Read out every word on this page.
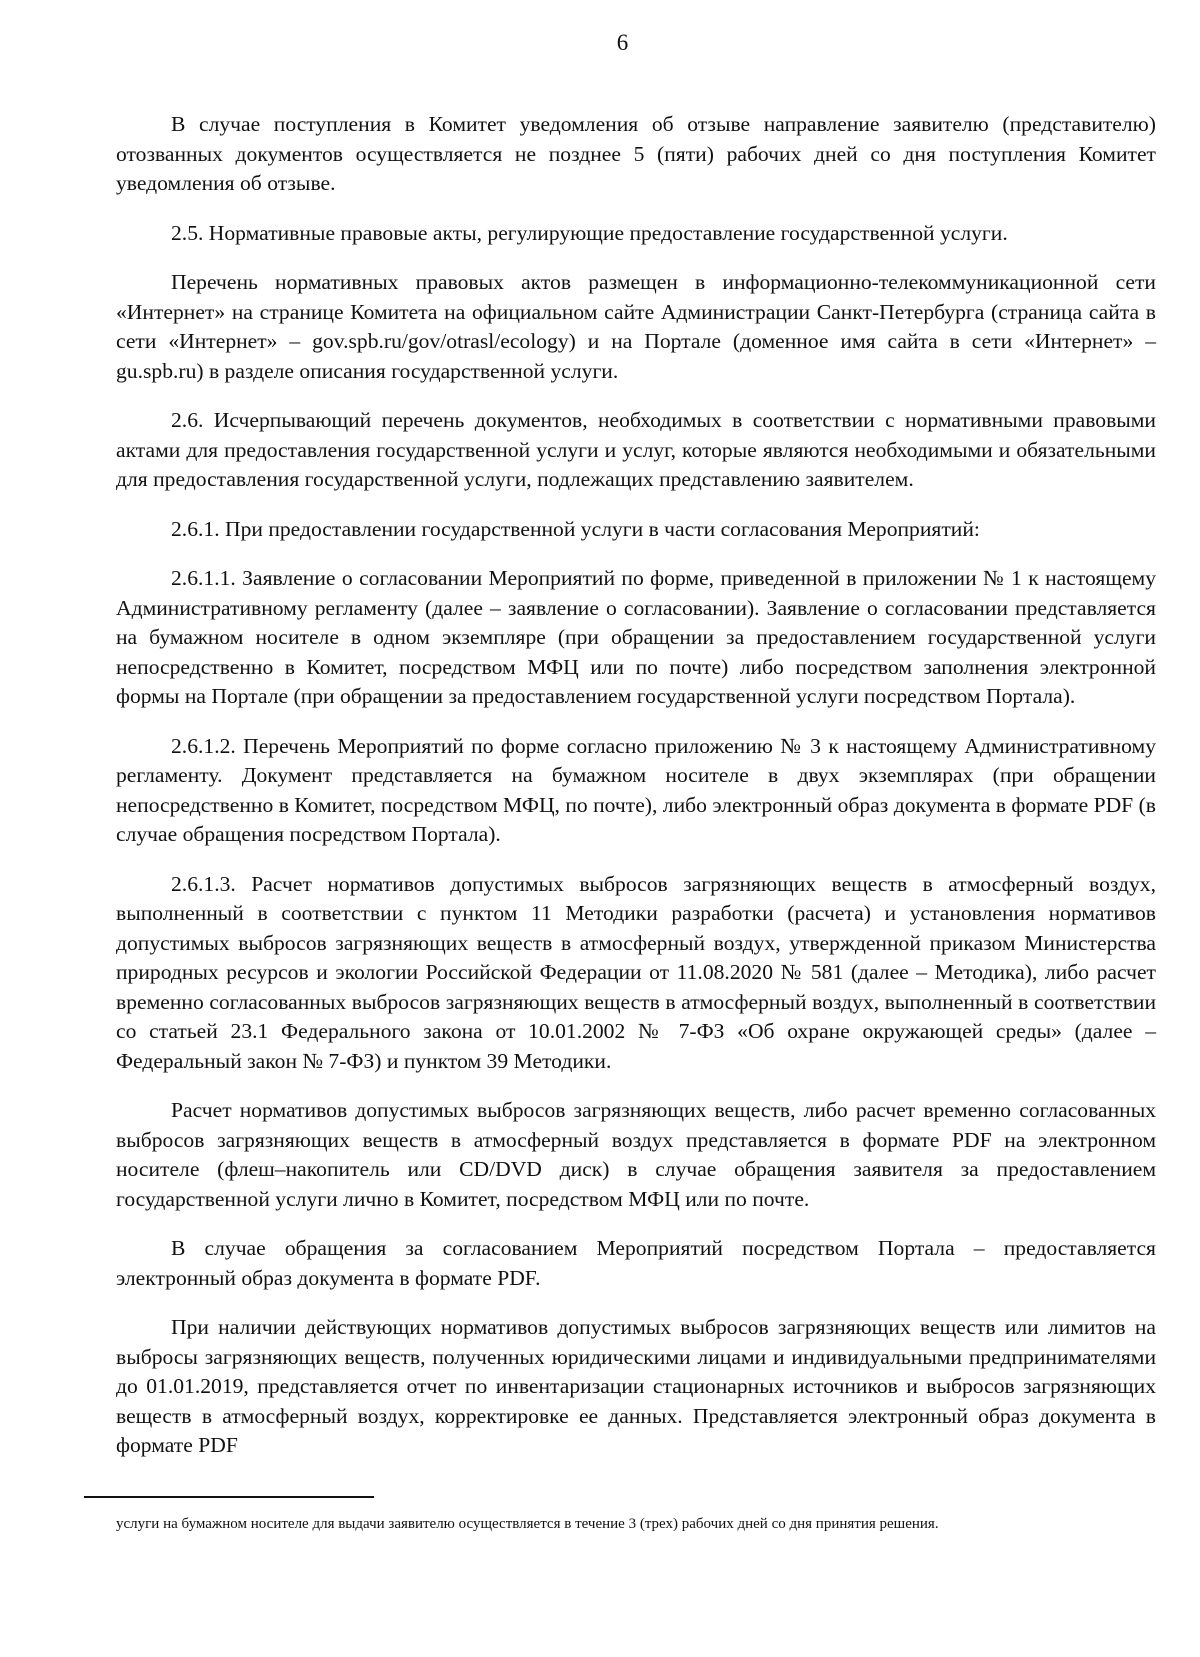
6

В случае поступления в Комитет уведомления об отзыве направление заявителю (представителю) отозванных документов осуществляется не позднее 5 (пяти) рабочих дней со дня поступления Комитет уведомления об отзыве.

2.5. Нормативные правовые акты, регулирующие предоставление государственной услуги.

Перечень нормативных правовых актов размещен в информационно-телекоммуникационной сети «Интернет» на странице Комитета на официальном сайте Администрации Санкт-Петербурга (страница сайта в сети «Интернет» – gov.spb.ru/gov/otrasl/ecology) и на Портале (доменное имя сайта в сети «Интернет» – gu.spb.ru) в разделе описания государственной услуги.

2.6. Исчерпывающий перечень документов, необходимых в соответствии с нормативными правовыми актами для предоставления государственной услуги и услуг, которые являются необходимыми и обязательными для предоставления государственной услуги, подлежащих представлению заявителем.

2.6.1. При предоставлении государственной услуги в части согласования Мероприятий:

2.6.1.1. Заявление о согласовании Мероприятий по форме, приведенной в приложении № 1 к настоящему Административному регламенту (далее – заявление о согласовании). Заявление о согласовании представляется на бумажном носителе в одном экземпляре (при обращении за предоставлением государственной услуги непосредственно в Комитет, посредством МФЦ или по почте) либо посредством заполнения электронной формы на Портале (при обращении за предоставлением государственной услуги посредством Портала).

2.6.1.2. Перечень Мероприятий по форме согласно приложению № 3 к настоящему Административному регламенту. Документ представляется на бумажном носителе в двух экземплярах (при обращении непосредственно в Комитет, посредством МФЦ, по почте), либо электронный образ документа в формате PDF (в случае обращения посредством Портала).

2.6.1.3. Расчет нормативов допустимых выбросов загрязняющих веществ в атмосферный воздух, выполненный в соответствии с пунктом 11 Методики разработки (расчета) и установления нормативов допустимых выбросов загрязняющих веществ в атмосферный воздух, утвержденной приказом Министерства природных ресурсов и экологии Российской Федерации от 11.08.2020 № 581 (далее – Методика), либо расчет временно согласованных выбросов загрязняющих веществ в атмосферный воздух, выполненный в соответствии со статьей 23.1 Федерального закона от 10.01.2002 № 7-ФЗ «Об охране окружающей среды» (далее – Федеральный закон № 7-ФЗ) и пунктом 39 Методики.

Расчет нормативов допустимых выбросов загрязняющих веществ, либо расчет временно согласованных выбросов загрязняющих веществ в атмосферный воздух представляется в формате PDF на электронном носителе (флеш–накопитель или CD/DVD диск) в случае обращения заявителя за предоставлением государственной услуги лично в Комитет, посредством МФЦ или по почте.

В случае обращения за согласованием Мероприятий посредством Портала – предоставляется электронный образ документа в формате PDF.

При наличии действующих нормативов допустимых выбросов загрязняющих веществ или лимитов на выбросы загрязняющих веществ, полученных юридическими лицами и индивидуальными предпринимателями до 01.01.2019, представляется отчет по инвентаризации стационарных источников и выбросов загрязняющих веществ в атмосферный воздух, корректировке ее данных. Представляется электронный образ документа в формате PDF

услуги на бумажном носителе для выдачи заявителю осуществляется в течение 3 (трех) рабочих дней со дня принятия решения.
